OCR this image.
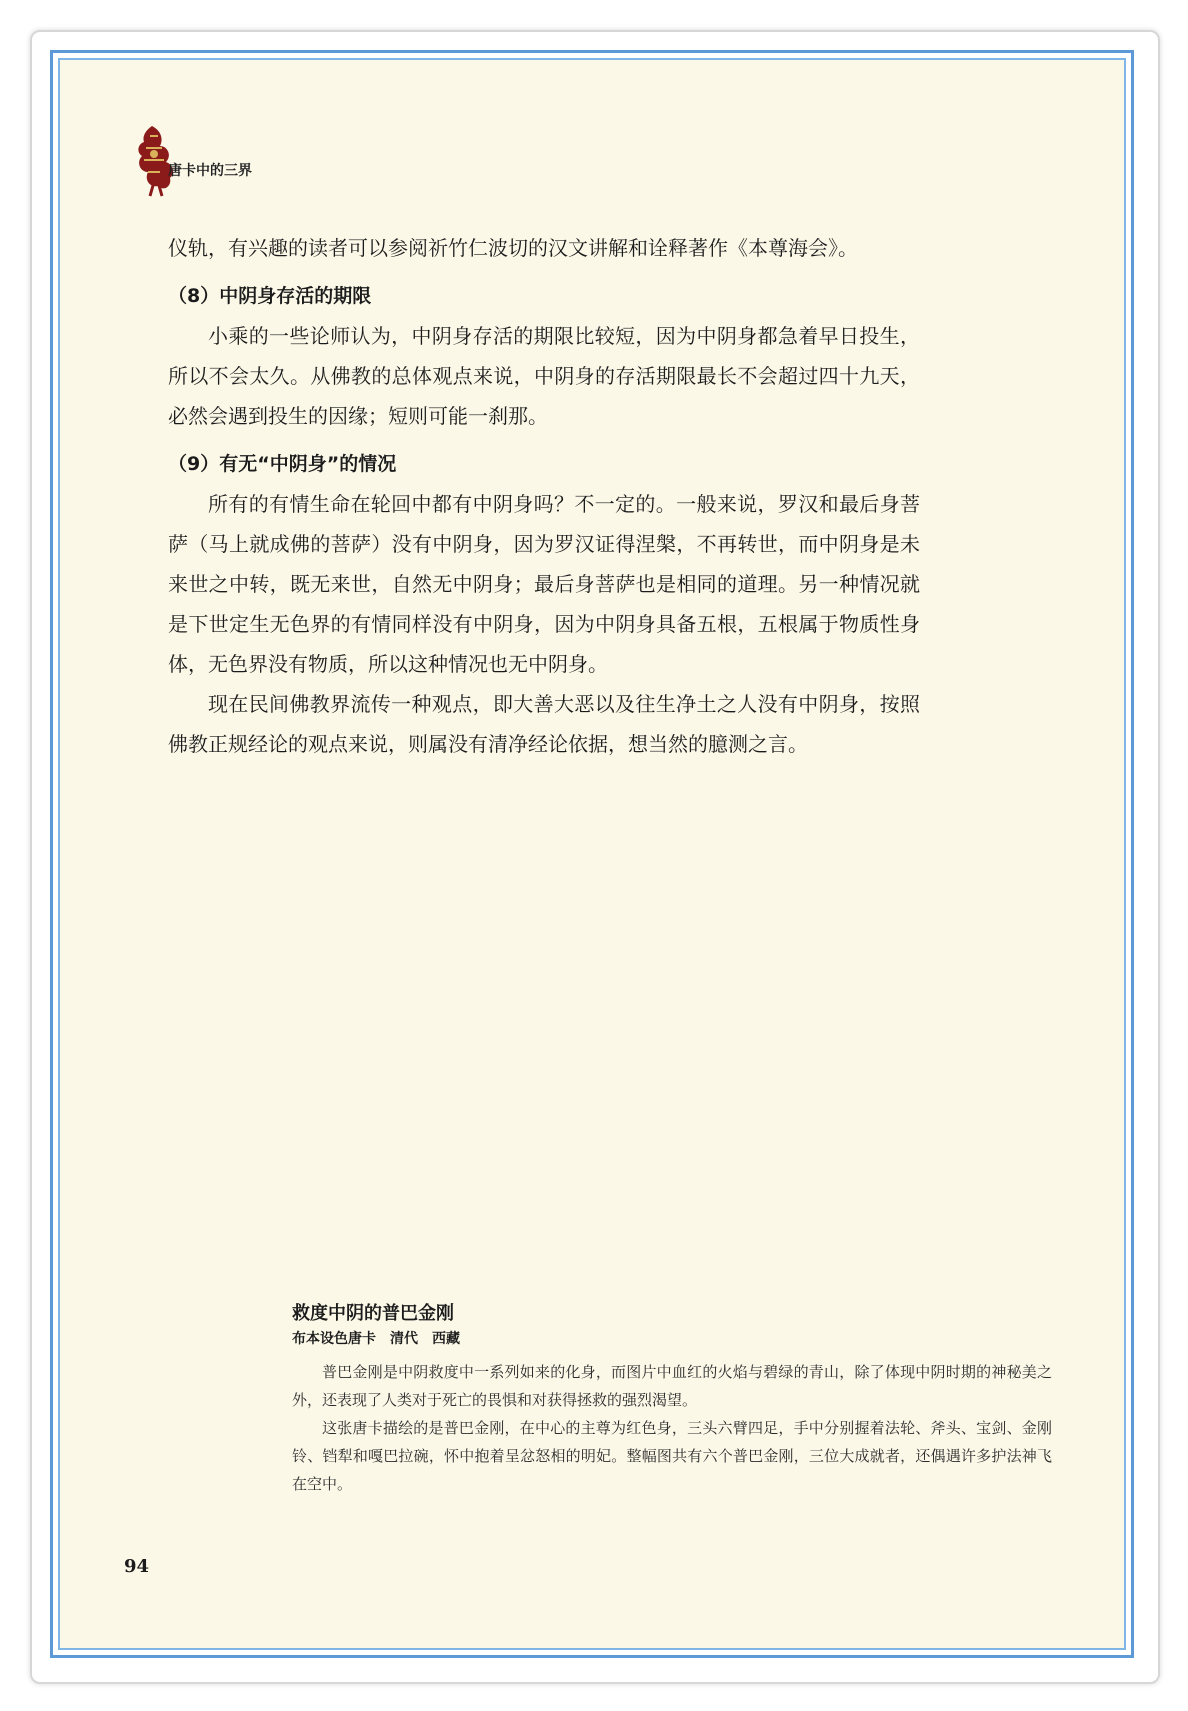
唐卡中的三界

仪轨，有兴趣的读者可以参阅祈竹仁波切的汉文讲解和诠释著作《本尊海会》。

（8）中阴身存活的期限

小乘的一些论师认为，中阴身存活的期限比较短，因为中阴身都急着早日投生，所以不会太久。从佛教的总体观点来说，中阴身的存活期限最长不会超过四十九天，必然会遇到投生的因缘；短则可能一刹那。

（9）有无“中阴身”的情况

所有的有情生命在轮回中都有中阴身吗？不一定的。一般来说，罗汉和最后身菩萨（马上就成佛的菩萨）没有中阴身，因为罗汉证得涅槃，不再转世，而中阴身是未来世之中转，既无来世，自然无中阴身；最后身菩萨也是相同的道理。另一种情况就是下世定生无色界的有情同样没有中阴身，因为中阴身具备五根，五根属于物质性身体，无色界没有物质，所以这种情况也无中阴身。

现在民间佛教界流传一种观点，即大善大恶以及往生净土之人没有中阴身，按照佛教正规经论的观点来说，则属没有清净经论依据，想当然的臆测之言。

救度中阴的普巴金刚

布本设色唐卡　清代　西藏

普巴金刚是中阴救度中一系列如来的化身，而图片中血红的火焰与碧绿的青山，除了体现中阴时期的神秘美之外，还表现了人类对于死亡的畏惧和对获得拯救的强烈渴望。

这张唐卡描绘的是普巴金刚，在中心的主尊为红色身，三头六臂四足，手中分别握着法轮、斧头、宝剑、金刚铃、铛犁和嘎巴拉碗，怀中抱着呈忿怒相的明妃。整幅图共有六个普巴金刚，三位大成就者，还偶遇许多护法神飞在空中。

94
